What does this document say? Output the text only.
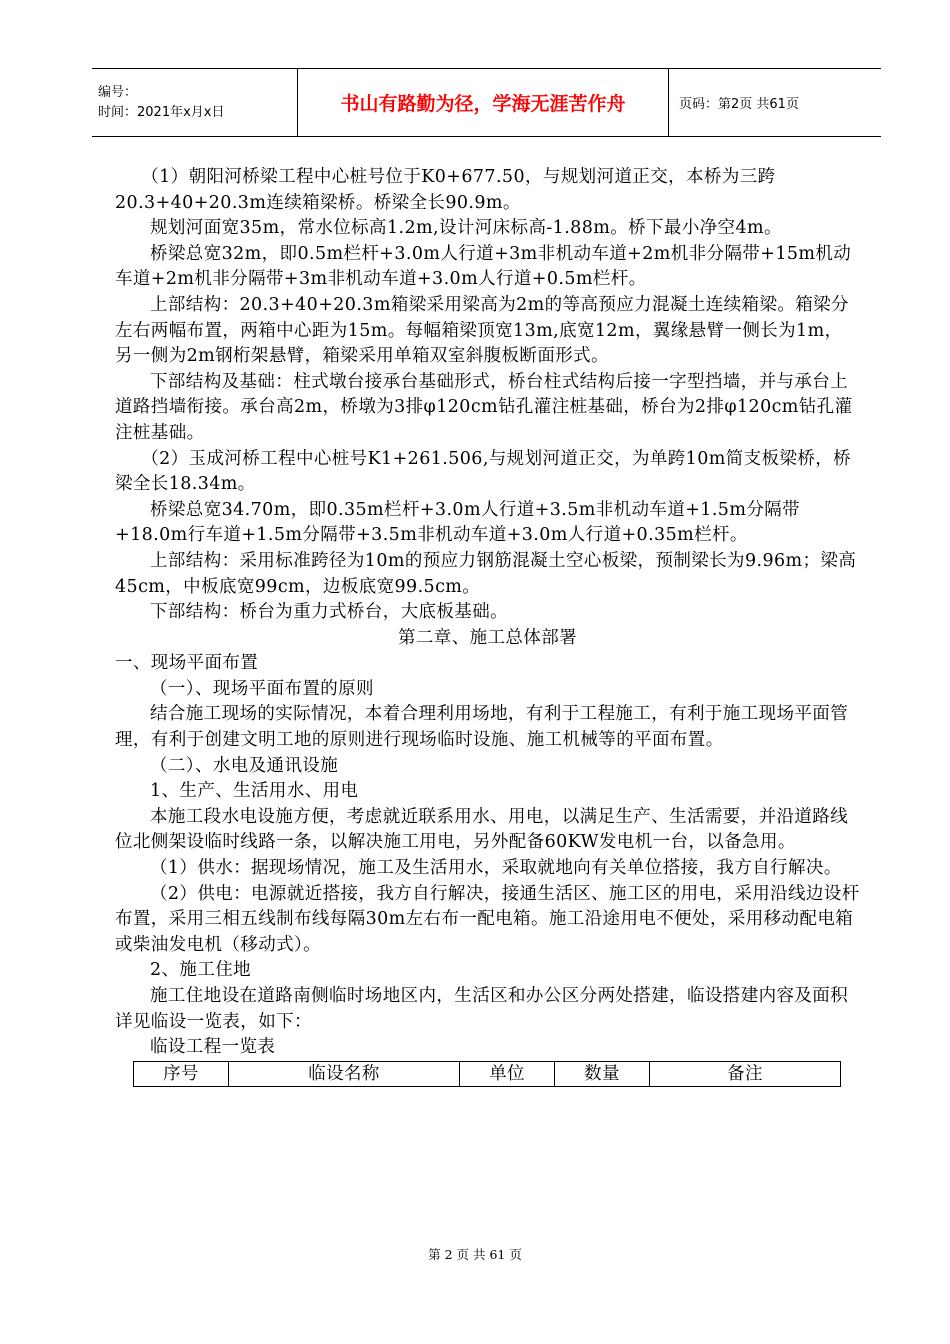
编号：
时间：2021年x月x日	书山有路勤为径，学海无涯苦作舟	页码：第2页 共61页

（1）朝阳河桥梁工程中心桩号位于K0+677.50，与规划河道正交，本桥为三跨20.3+40+20.3m连续箱梁桥。桥梁全长90.9m。

规划河面宽35m，常水位标高1.2m,设计河床标高-1.88m。桥下最小净空4m。

桥梁总宽32m，即0.5m栏杆+3.0m人行道+3m非机动车道+2m机非分隔带+15m机动车道+2m机非分隔带+3m非机动车道+3.0m人行道+0.5m栏杆。

上部结构：20.3+40+20.3m箱梁采用梁高为2m的等高预应力混凝土连续箱梁。箱梁分左右两幅布置，两箱中心距为15m。每幅箱梁顶宽13m,底宽12m，翼缘悬臂一侧长为1m，另一侧为2m钢桁架悬臂，箱梁采用单箱双室斜腹板断面形式。

下部结构及基础：柱式墩台接承台基础形式，桥台柱式结构后接一字型挡墙，并与承台上道路挡墙衔接。承台高2m，桥墩为3排φ120cm钻孔灌注桩基础，桥台为2排φ120cm钻孔灌注桩基础。

（2）玉成河桥工程中心桩号K1+261.506,与规划河道正交，为单跨10m简支板梁桥，桥梁全长18.34m。

桥梁总宽34.70m，即0.35m栏杆+3.0m人行道+3.5m非机动车道+1.5m分隔带+18.0m行车道+1.5m分隔带+3.5m非机动车道+3.0m人行道+0.35m栏杆。

上部结构：采用标准跨径为10m的预应力钢筋混凝土空心板梁，预制梁长为9.96m；梁高45cm，中板底宽99cm，边板底宽99.5cm。

下部结构：桥台为重力式桥台，大底板基础。

第二章、施工总体部署

一、现场平面布置

（一）、现场平面布置的原则

结合施工现场的实际情况，本着合理利用场地，有利于工程施工，有利于施工现场平面管理，有利于创建文明工地的原则进行现场临时设施、施工机械等的平面布置。

（二）、水电及通讯设施

1、生产、生活用水、用电

本施工段水电设施方便，考虑就近联系用水、用电，以满足生产、生活需要，并沿道路线位北侧架设临时线路一条，以解决施工用电，另外配备60KW发电机一台，以备急用。

（1）供水：据现场情况，施工及生活用水，采取就地向有关单位搭接，我方自行解决。

（2）供电：电源就近搭接，我方自行解决，接通生活区、施工区的用电，采用沿线边设杆布置，采用三相五线制布线每隔30m左右布一配电箱。施工沿途用电不便处，采用移动配电箱或柴油发电机（移动式）。

2、施工住地

施工住地设在道路南侧临时场地区内，生活区和办公区分两处搭建，临设搭建内容及面积详见临设一览表，如下：

临设工程一览表

序号	临设名称	单位	数量	备注
第 2 页 共 61 页
